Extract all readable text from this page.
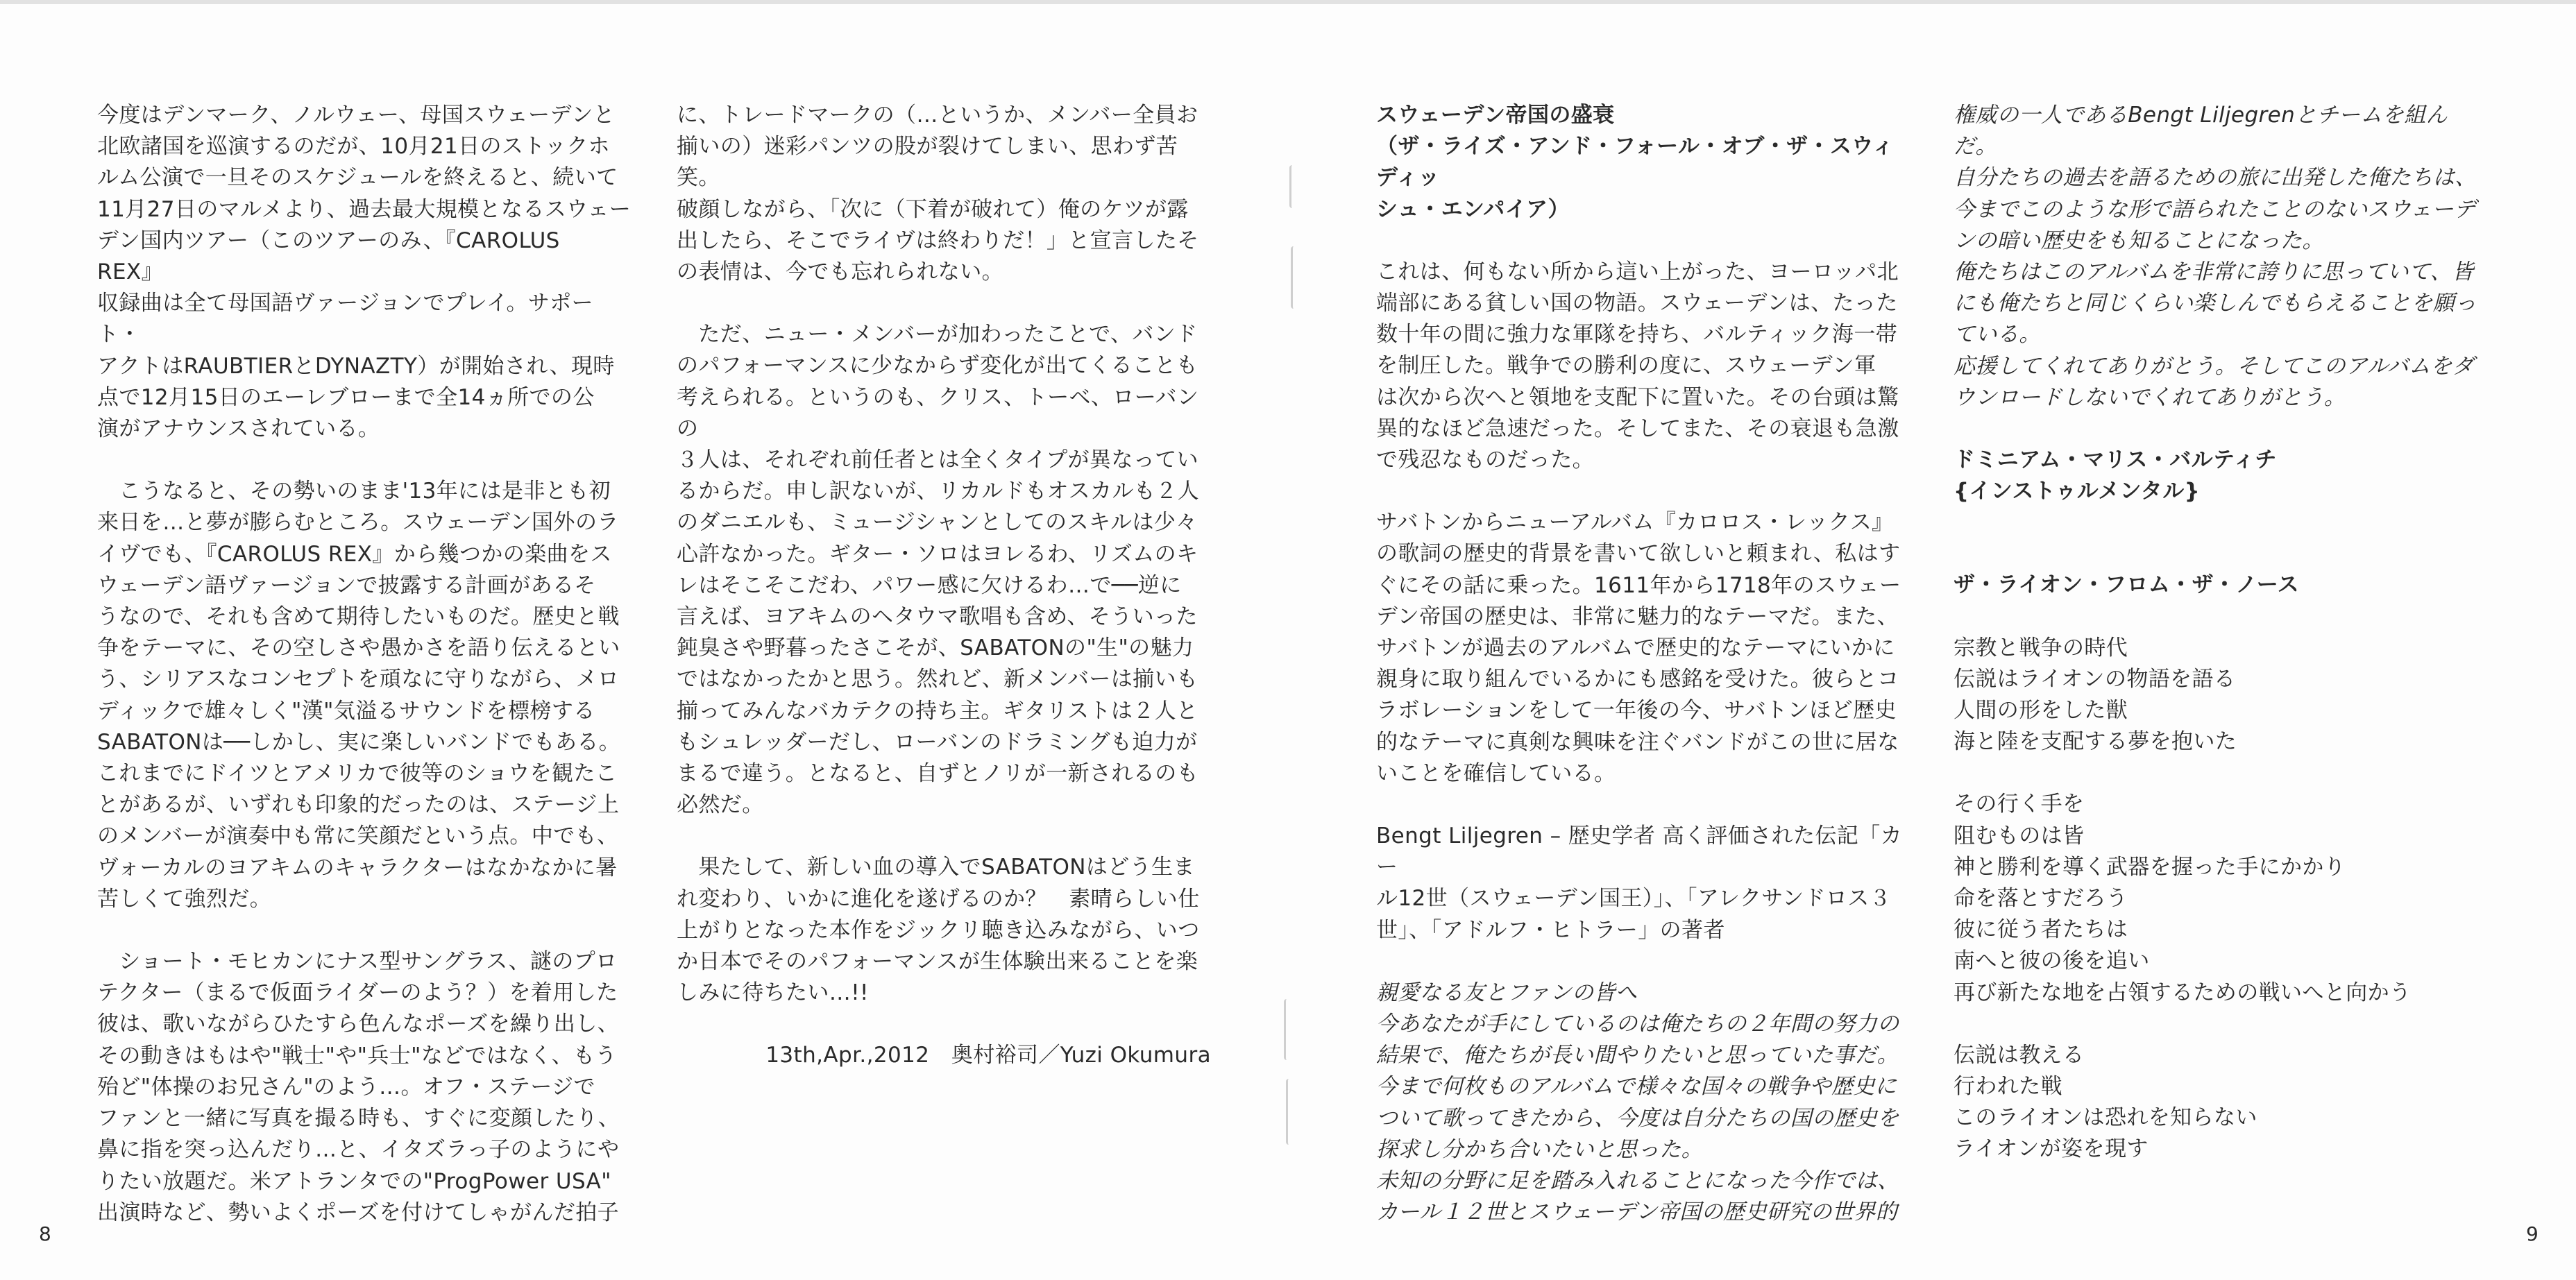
今度はデンマーク、ノルウェー、母国スウェーデンと
北欧諸国を巡演するのだが、10月21日のストックホ
ルム公演で一旦そのスケジュールを終えると、続いて
11月27日のマルメより、過去最大規模となるスウェー
デン国内ツアー（このツアーのみ、『CAROLUS REX』
収録曲は全て母国語ヴァージョンでプレイ。サポート・
アクトはRAUBTIERとDYNAZTY）が開始され、現時
点で12月15日のエーレブローまで全14ヵ所での公
演がアナウンスされている。

　こうなると、その勢いのまま'13年には是非とも初
来日を…と夢が膨らむところ。スウェーデン国外のラ
イヴでも、『CAROLUS REX』から幾つかの楽曲をス
ウェーデン語ヴァージョンで披露する計画があるそ
うなので、それも含めて期待したいものだ。歴史と戦
争をテーマに、その空しさや愚かさを語り伝えるとい
う、シリアスなコンセプトを頑なに守りながら、メロ
ディックで雄々しく"漢"気溢るサウンドを標榜する
SABATONは──しかし、実に楽しいバンドでもある。
これまでにドイツとアメリカで彼等のショウを観たこ
とがあるが、いずれも印象的だったのは、ステージ上
のメンバーが演奏中も常に笑顔だという点。中でも、
ヴォーカルのヨアキムのキャラクターはなかなかに暑
苦しくて強烈だ。

　ショート・モヒカンにナス型サングラス、謎のプロ
テクター（まるで仮面ライダーのよう？）を着用した
彼は、歌いながらひたすら色んなポーズを繰り出し、
その動きはもはや"戦士"や"兵士"などではなく、もう
殆ど"体操のお兄さん"のよう…。オフ・ステージで
ファンと一緒に写真を撮る時も、すぐに変顔したり、
鼻に指を突っ込んだり…と、イタズラっ子のようにや
りたい放題だ。米アトランタでの"ProgPower USA"
出演時など、勢いよくポーズを付けてしゃがんだ拍子

に、トレードマークの（…というか、メンバー全員お
揃いの）迷彩パンツの股が裂けてしまい、思わず苦笑。
破顔しながら、「次に（下着が破れて）俺のケツが露
出したら、そこでライヴは終わりだ！」と宣言したそ
の表情は、今でも忘れられない。

　ただ、ニュー・メンバーが加わったことで、バンド
のパフォーマンスに少なからず変化が出てくることも
考えられる。というのも、クリス、トーベ、ローバンの
３人は、それぞれ前任者とは全くタイプが異なってい
るからだ。申し訳ないが、リカルドもオスカルも２人
のダニエルも、ミュージシャンとしてのスキルは少々
心許なかった。ギター・ソロはヨレるわ、リズムのキ
レはそこそこだわ、パワー感に欠けるわ…で──逆に
言えば、ヨアキムのヘタウマ歌唱も含め、そういった
鈍臭さや野暮ったさこそが、SABATONの"生"の魅力
ではなかったかと思う。然れど、新メンバーは揃いも
揃ってみんなバカテクの持ち主。ギタリストは２人と
もシュレッダーだし、ローバンのドラミングも迫力が
まるで違う。となると、自ずとノリが一新されるのも
必然だ。

　果たして、新しい血の導入でSABATONはどう生ま
れ変わり、いかに進化を遂げるのか？　素晴らしい仕
上がりとなった本作をジックリ聴き込みながら、いつ
か日本でそのパフォーマンスが生体験出来ることを楽
しみに待ちたい…!!

13th,Apr.,2012　奥村裕司／Yuzi Okumura

スウェーデン帝国の盛衰
（ザ・ライズ・アンド・フォール・オブ・ザ・スウィディッ
シュ・エンパイア）

これは、何もない所から這い上がった、ヨーロッパ北
端部にある貧しい国の物語。スウェーデンは、たった
数十年の間に強力な軍隊を持ち、バルティック海一帯
を制圧した。戦争での勝利の度に、スウェーデン軍
は次から次へと領地を支配下に置いた。その台頭は驚
異的なほど急速だった。そしてまた、その衰退も急激
で残忍なものだった。

サバトンからニューアルバム『カロロス・レックス』
の歌詞の歴史的背景を書いて欲しいと頼まれ、私はす
ぐにその話に乗った。1611年から1718年のスウェー
デン帝国の歴史は、非常に魅力的なテーマだ。また、
サバトンが過去のアルバムで歴史的なテーマにいかに
親身に取り組んでいるかにも感銘を受けた。彼らとコ
ラボレーションをして一年後の今、サバトンほど歴史
的なテーマに真剣な興味を注ぐバンドがこの世に居な
いことを確信している。

Bengt Liljegren – 歴史学者 高く評価された伝記「カー
ル12世（スウェーデン国王）」、「アレクサンドロス３
世」、「アドルフ・ヒトラー」の著者

親愛なる友とファンの皆へ
今あなたが手にしているのは俺たちの２年間の努力の
結果で、俺たちが長い間やりたいと思っていた事だ。
今まで何枚ものアルバムで様々な国々の戦争や歴史に
ついて歌ってきたから、今度は自分たちの国の歴史を
探求し分かち合いたいと思った。
未知の分野に足を踏み入れることになった今作では、
カール１２世とスウェーデン帝国の歴史研究の世界的

権威の一人であるBengt Liljegrenとチームを組んだ。
自分たちの過去を語るための旅に出発した俺たちは、
今までこのような形で語られたことのないスウェーデ
ンの暗い歴史をも知ることになった。
俺たちはこのアルバムを非常に誇りに思っていて、皆
にも俺たちと同じくらい楽しんでもらえることを願っ
ている。
応援してくれてありがとう。そしてこのアルバムをダ
ウンロードしないでくれてありがとう。

ドミニアム・マリス・バルティチ
{インストゥルメンタル}

ザ・ライオン・フロム・ザ・ノース

宗教と戦争の時代
伝説はライオンの物語を語る
人間の形をした獣
海と陸を支配する夢を抱いた

その行く手を
阻むものは皆
神と勝利を導く武器を握った手にかかり
命を落とすだろう
彼に従う者たちは
南へと彼の後を追い
再び新たな地を占領するための戦いへと向かう

伝説は教える
行われた戦
このライオンは恐れを知らない
ライオンが姿を現す

8	9
